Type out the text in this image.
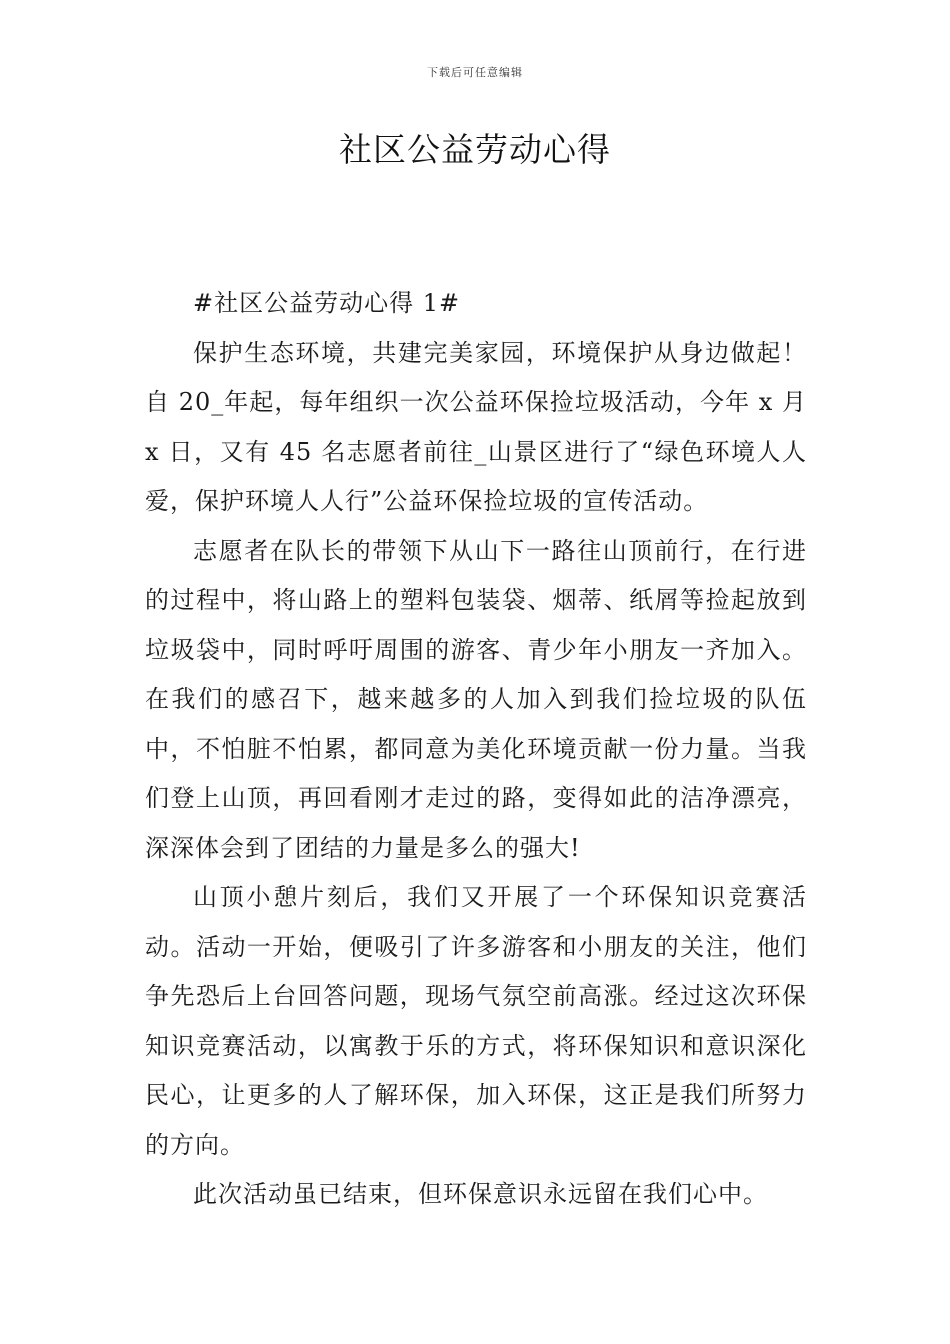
下载后可任意编辑
社区公益劳动心得

#社区公益劳动心得 1#

保护生态环境，共建完美家园，环境保护从身边做起！自 20_年起，每年组织一次公益环保捡垃圾活动，今年 x 月 x 日，又有 45 名志愿者前往_山景区进行了“绿色环境人人爱，保护环境人人行”公益环保捡垃圾的宣传活动。

志愿者在队长的带领下从山下一路往山顶前行，在行进的过程中，将山路上的塑料包装袋、烟蒂、纸屑等捡起放到垃圾袋中，同时呼吁周围的游客、青少年小朋友一齐加入。在我们的感召下，越来越多的人加入到我们捡垃圾的队伍中，不怕脏不怕累，都同意为美化环境贡献一份力量。当我们登上山顶，再回看刚才走过的路，变得如此的洁净漂亮，深深体会到了团结的力量是多么的强大!

山顶小憩片刻后，我们又开展了一个环保知识竞赛活动。活动一开始，便吸引了许多游客和小朋友的关注，他们争先恐后上台回答问题，现场气氛空前高涨。经过这次环保知识竞赛活动，以寓教于乐的方式，将环保知识和意识深化民心，让更多的人了解环保，加入环保，这正是我们所努力的方向。

此次活动虽已结束，但环保意识永远留在我们心中。
